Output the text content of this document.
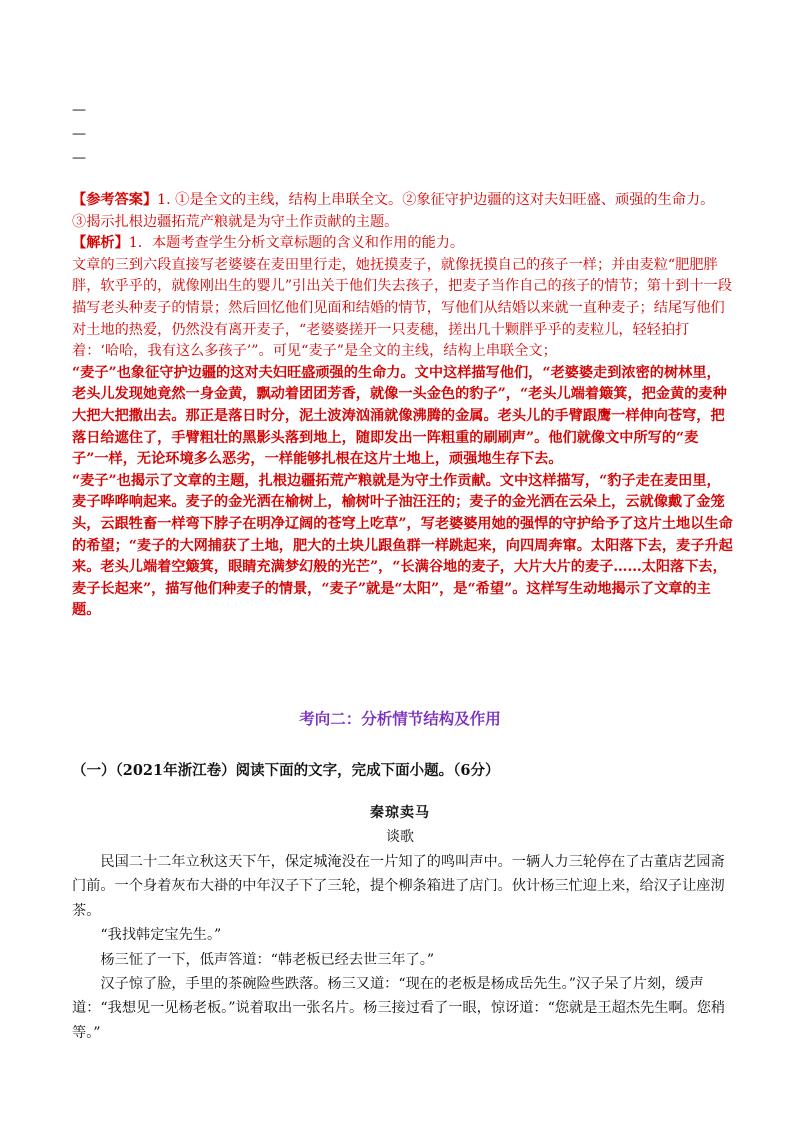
—
—
—

【参考答案】1. ①是全文的主线，结构上串联全文。②象征守护边疆的这对夫妇旺盛、顽强的生命力。

③揭示扎根边疆拓荒产粮就是为守土作贡献的主题。

【解析】1．本题考查学生分析文章标题的含义和作用的能力。

文章的三到六段直接写老婆婆在麦田里行走，她抚摸麦子，就像抚摸自己的孩子一样；并由麦粒“肥肥胖胖，软乎乎的，就像刚出生的婴儿”引出关于他们失去孩子，把麦子当作自己的孩子的情节；第十到十一段描写老头种麦子的情景；然后回忆他们见面和结婚的情节，写他们从结婚以来就一直种麦子；结尾写他们对土地的热爱，仍然没有离开麦子，“老婆婆搓开一只麦穗，搓出几十颗胖乎乎的麦粒儿，轻轻拍打着：‘哈哈，我有这么多孩子’”。可见“麦子”是全文的主线，结构上串联全文；

“麦子”也象征守护边疆的这对夫妇旺盛顽强的生命力。文中这样描写他们，“老婆婆走到浓密的树林里，老头儿发现她竟然一身金黄，飘动着团团芳香，就像一头金色的豹子”，“老头儿端着簸箕，把金黄的麦种大把大把撒出去。那正是落日时分，泥土波涛汹涌就像沸腾的金属。老头儿的手臂跟鹰一样伸向苍穹，把落日给遮住了，手臂粗壮的黑影头落到地上，随即发出一阵粗重的刷刷声”。他们就像文中所写的“麦子”一样，无论环境多么恶劣，一样能够扎根在这片土地上，顽强地生存下去。

“麦子”也揭示了文章的主题，扎根边疆拓荒产粮就是为守土作贡献。文中这样描写，“豹子走在麦田里，麦子哗哗响起来。麦子的金光洒在榆树上，榆树叶子油汪汪的；麦子的金光洒在云朵上，云就像戴了金笼头，云跟牲畜一样弯下脖子在明净辽阔的苍穹上吃草”，写老婆婆用她的强悍的守护给予了这片土地以生命的希望；“麦子的大网捕获了土地，肥大的土块儿跟鱼群一样跳起来，向四周奔窜。太阳落下去，麦子升起来。老头儿端着空簸箕，眼睛充满梦幻般的光芒”，“长满谷地的麦子，大片大片的麦子……太阳落下去，麦子长起来”，描写他们种麦子的情景，“麦子”就是“太阳”，是“希望”。这样写生动地揭示了文章的主题。

考向二：分析情节结构及作用
（一）（2021年浙江卷）阅读下面的文字，完成下面小题。（6分）
秦琼卖马
谈歌

民国二十二年立秋这天下午，保定城淹没在一片知了的鸣叫声中。一辆人力三轮停在了古董店艺园斋门前。一个身着灰布大褂的中年汉子下了三轮，提个柳条箱进了店门。伙计杨三忙迎上来，给汉子让座沏茶。

“我找韩定宝先生。”

杨三怔了一下，低声答道：“韩老板已经去世三年了。”

汉子惊了脸，手里的茶碗险些跌落。杨三又道：“现在的老板是杨成岳先生。”汉子呆了片刻，缓声道：“我想见一见杨老板。”说着取出一张名片。杨三接过看了一眼，惊讶道：“您就是王超杰先生啊。您稍等。”
